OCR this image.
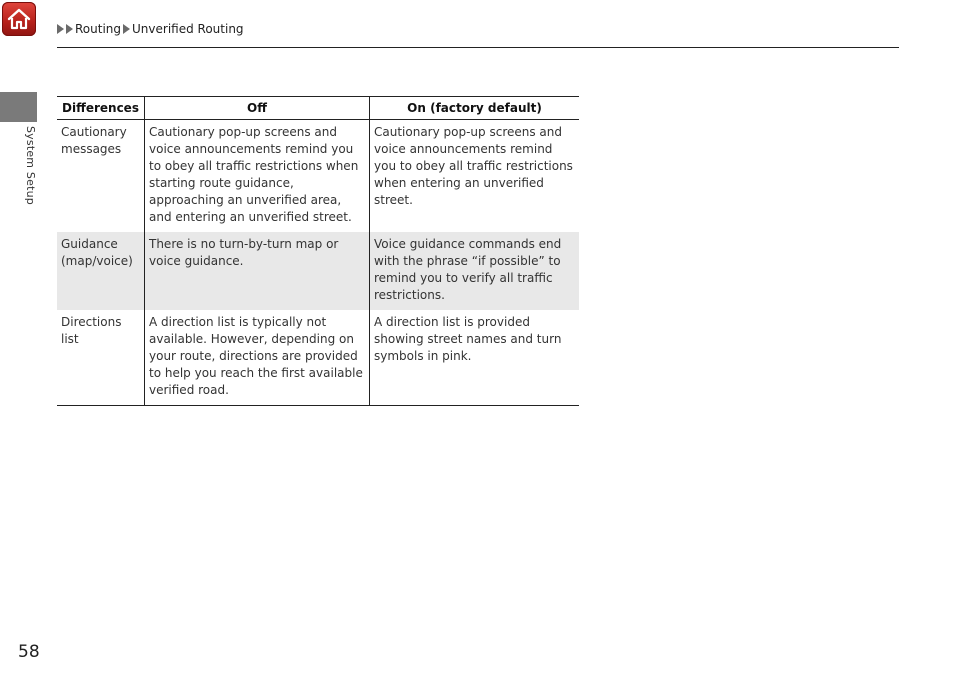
System Setup
Routing Unverified Routing
Differences	Off	On (factory default)
Cautionary messages	Cautionary pop-up screens and voice announcements remind you to obey all traffic restrictions when starting route guidance, approaching an unverified area, and entering an unverified street.	Cautionary pop-up screens and voice announcements remind you to obey all traffic restrictions when entering an unverified street.
Guidance (map/voice)	There is no turn-by-turn map or voice guidance.	Voice guidance commands end with the phrase “if possible” to remind you to verify all traffic restrictions.
Directions list	A direction list is typically not available. However, depending on your route, directions are provided to help you reach the first available verified road.	A direction list is provided showing street names and turn symbols in pink.
58
